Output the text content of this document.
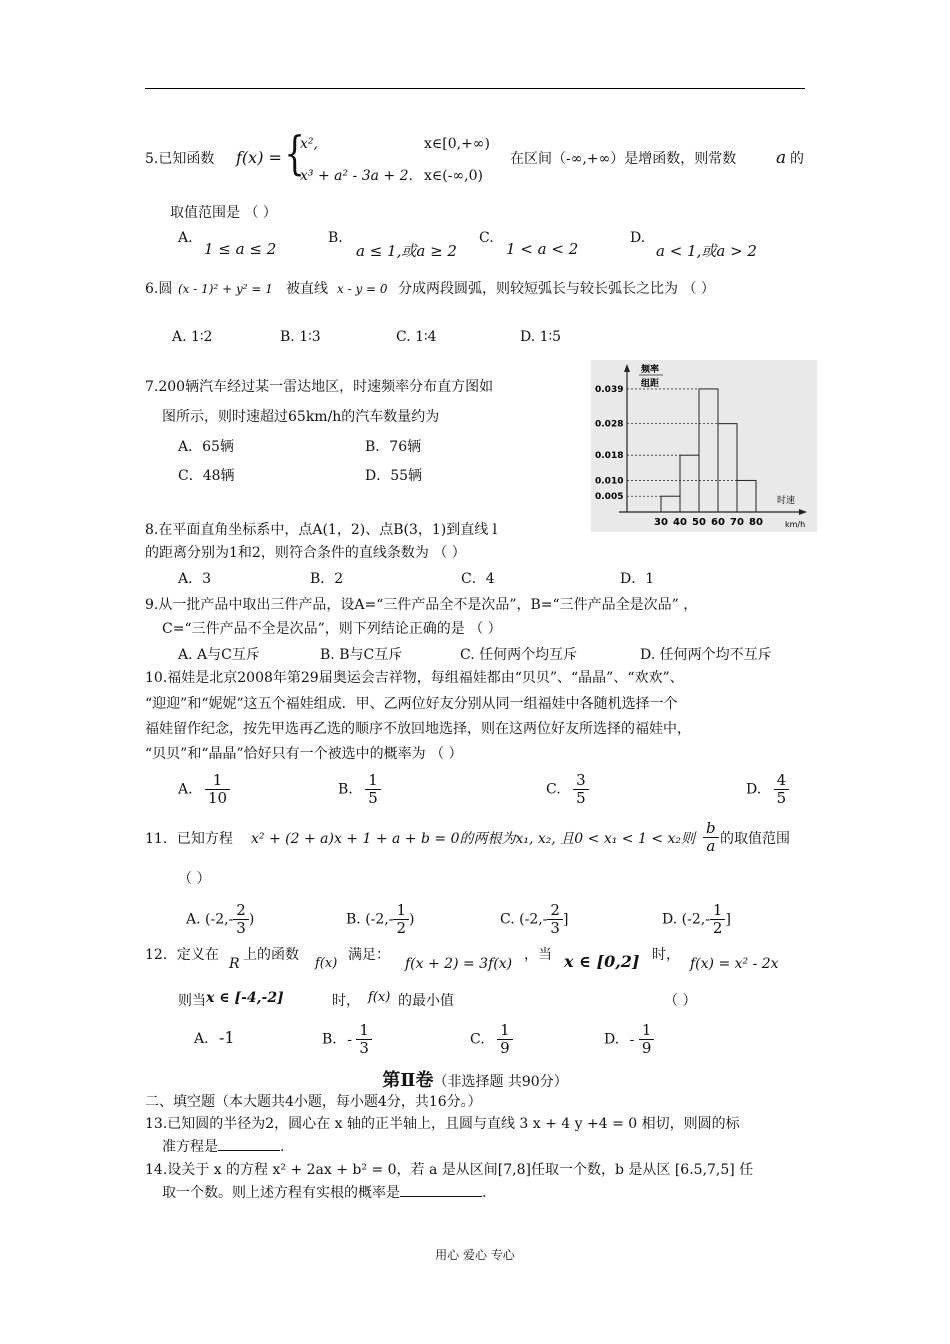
5.已知函数 f(x) = {
x²,	x∈[0,+∞)
x³ + a² - 3a + 2. x∈(-∞,0)
在区间（-∞,+∞）是增函数，则常数 a 的
取值范围是 （ ）
A.
1 ≤ a ≤ 2
B.
a ≤ 1,或a ≥ 2
C.
1 < a < 2
D.
a < 1,或a > 2
6.圆 (x - 1)² + y² = 1 被直线 x - y = 0 分成两段圆弧，则较短弧长与较长弧长之比为 （ ）
A. 1∶2	B. 1∶3	C. 1∶4	D. 1∶5
7.200辆汽车经过某一雷达地区，时速频率分布直方图如
图所示，则时速超过65km/h的汽车数量约为
A．65辆	B．76辆
C．48辆	D．55辆
频率
组距
时速
km/h
0.039
0.028
0.018
0.010
0.005
30 40 50 60 70 80
8.在平面直角坐标系中，点A(1，2)、点B(3，1)到直线 l
的距离分别为1和2，则符合条件的直线条数为 （ ）
A．3	B．2	C．4	D．1
9.从一批产品中取出三件产品，设A=“三件产品全不是次品”，B=“三件产品全是次品” ，
C=“三件产品不全是次品”，则下列结论正确的是 （ ）
A. A与C互斥	B. B与C互斥	C. 任何两个均互斥	D. 任何两个均不互斥
10.福娃是北京2008年第29届奥运会吉祥物，每组福娃都由“贝贝”、“晶晶”、“欢欢”、
“迎迎”和“妮妮”这五个福娃组成．甲、乙两位好友分别从同一组福娃中各随机选择一个
福娃留作纪念，按先甲选再乙选的顺序不放回地选择，则在这两位好友所选择的福娃中，
“贝贝”和“晶晶”恰好只有一个被选中的概率为 （ ）
A. $\frac{1}{10}$	B. $\frac{1}{5}$	C. $\frac{3}{5}$	D. $\frac{4}{5}$
11．已知方程 x² + (2 + a)x + 1 + a + b = 0的两根为x₁, x₂, 且0 < x₁ < 1 < x₂则 $\frac{b}{a}$ 的取值范围
（ ）
A. ($-2,- \frac{2}{3}$ )	B. ($-2,- \frac{1}{2}$ )	C. ($-2,- \frac{2}{3}$ ]	D. ($-2,- \frac{1}{2}$ ]
12．定义在
R
上的函数
f(x)
满足：
f(x + 2) = 3f(x)
，当 x ∈ [0,2] 时，
f(x) = x² - 2x
则当 x ∈ [-4,-2]	时， f(x) 的最小值	（ ）
A. -1	B. - $\frac{1}{3}$	C. $\frac{1}{9}$	D. - $\frac{1}{9}$
第Ⅱ卷（非选择题 共90分）
二、填空题（本大题共4小题，每小题4分，共16分。）
13.已知圆的半径为2，圆心在 x 轴的正半轴上，且圆与直线 3 x + 4 y +4 = 0 相切，则圆的标
准方程是	.
14.设关于 x 的方程 x² + 2ax + b² = 0，若 a 是从区间[7,8]任取一个数，b 是从区 [6.5,7,5] 任
取一个数。则上述方程有实根的概率是	.
用心 爱心 专心
